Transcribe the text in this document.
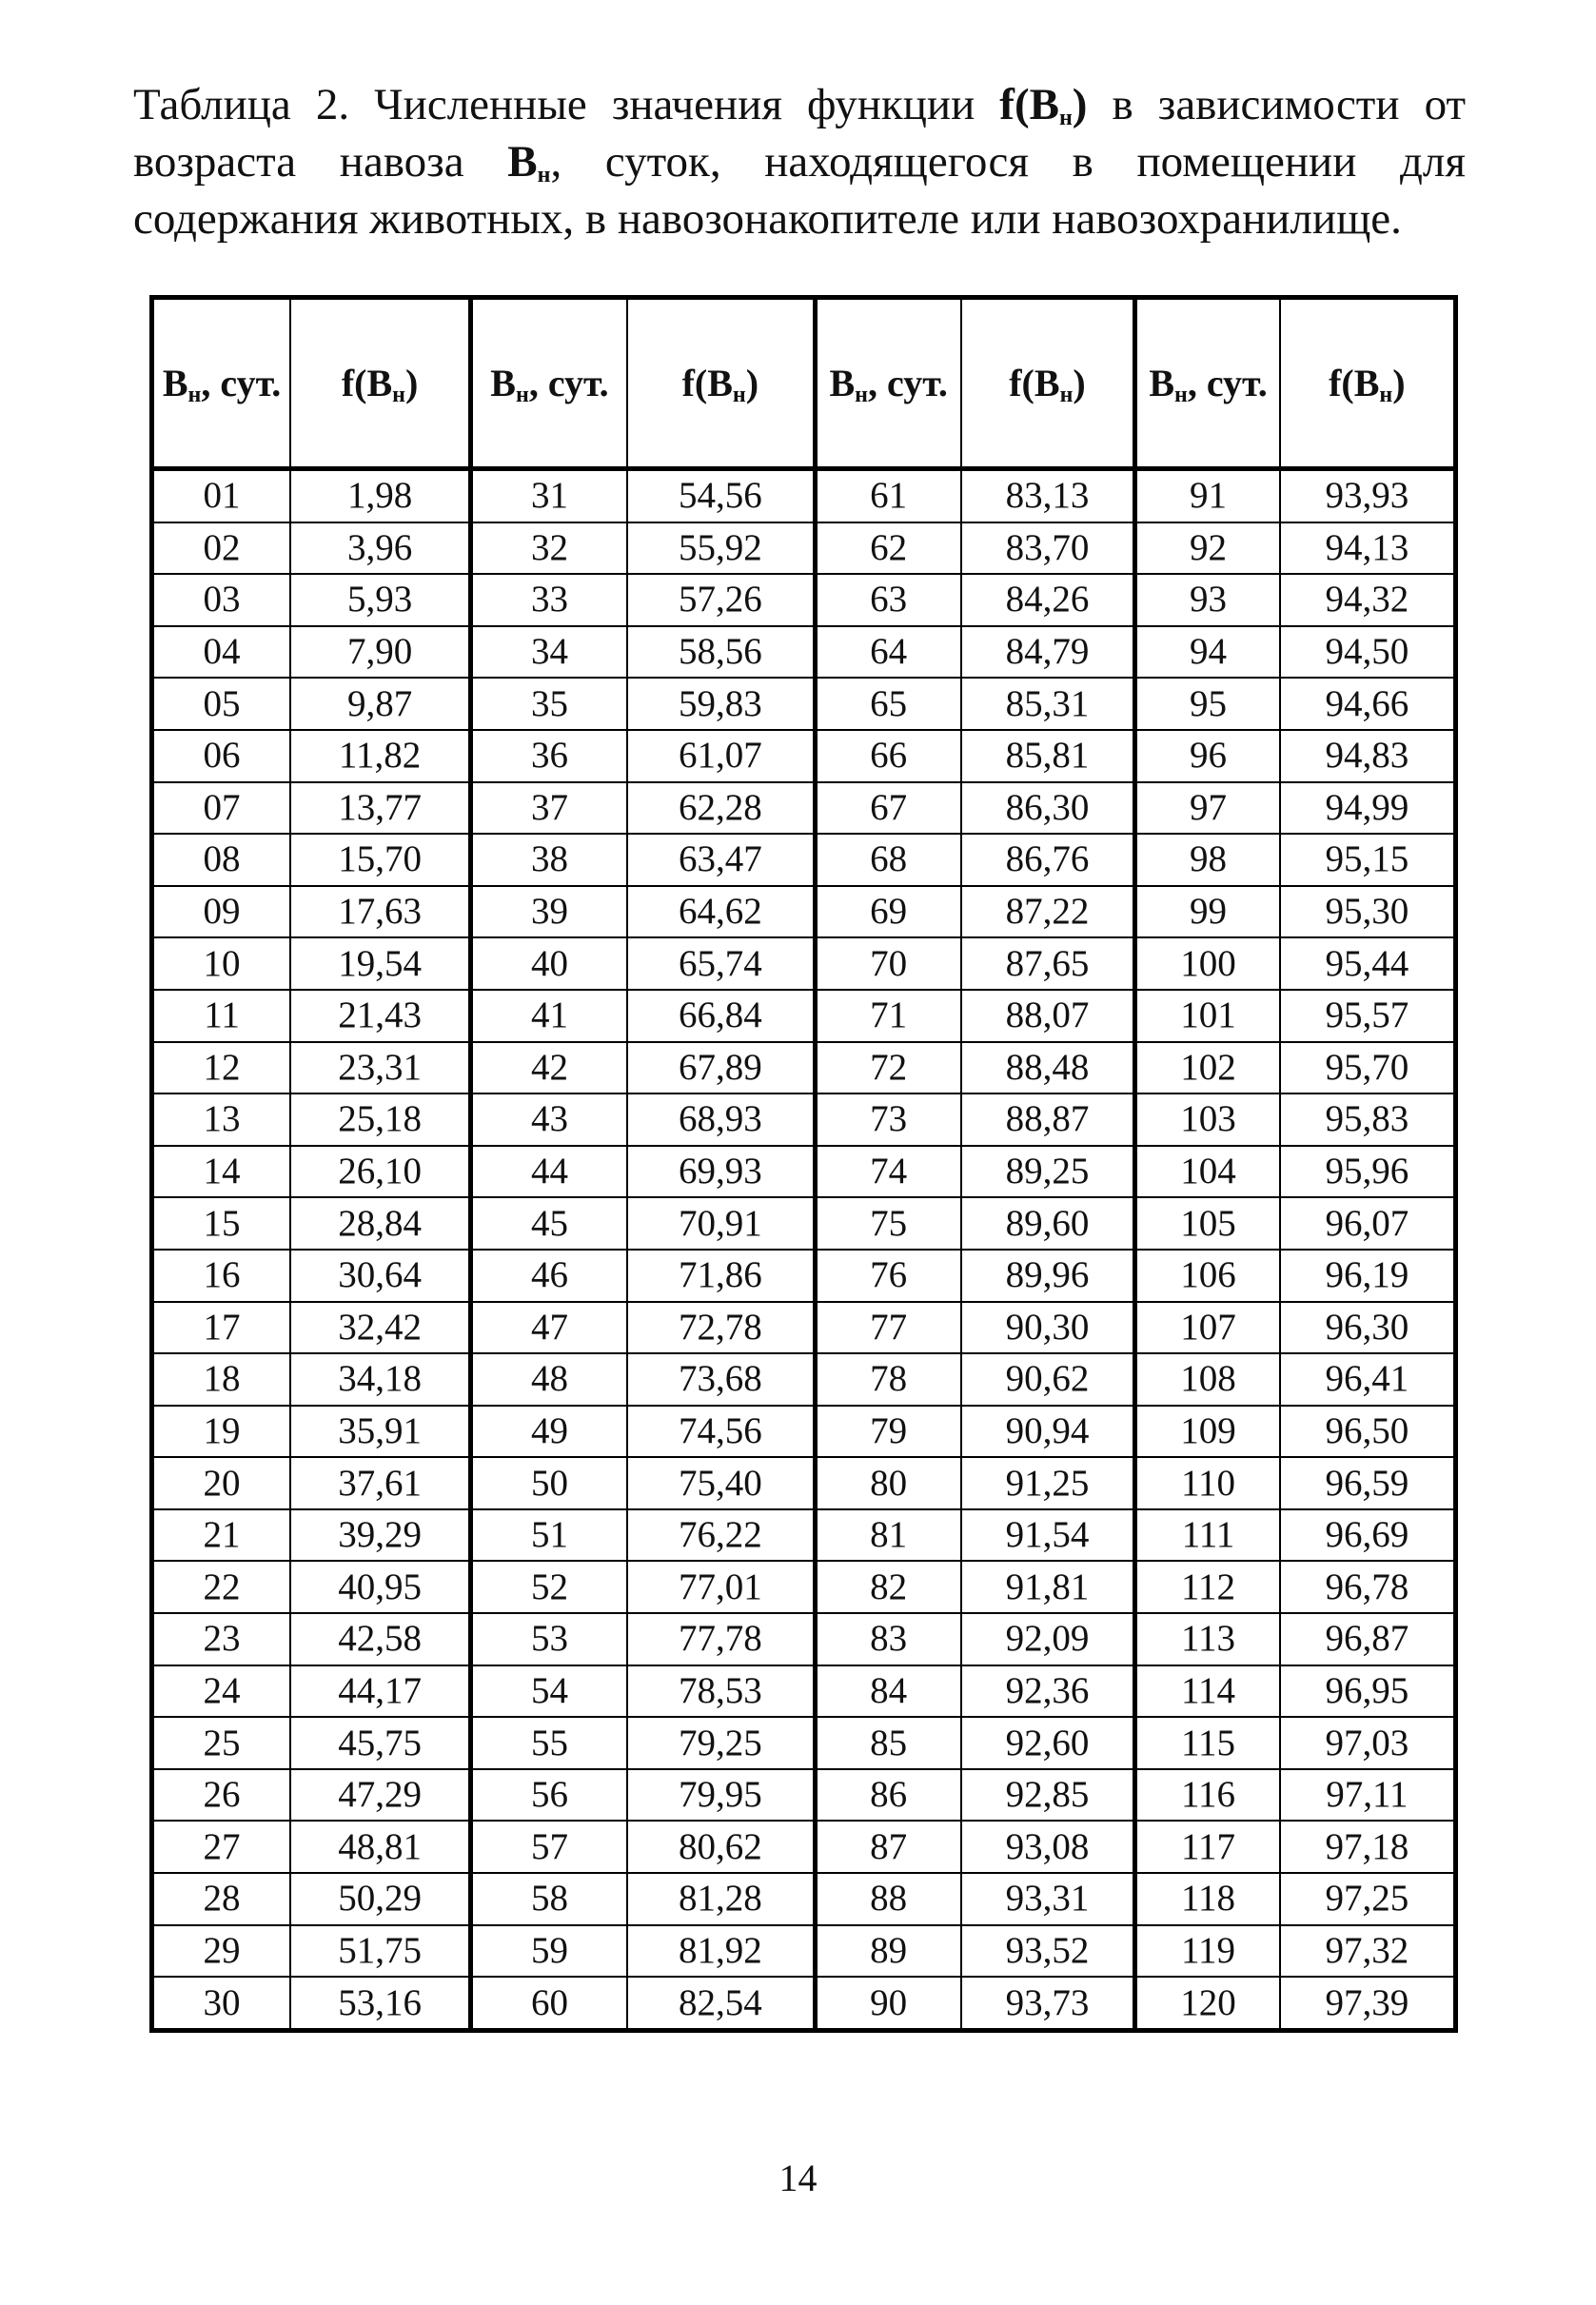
Таблица 2. Численные значения функции $f(B_н)$ в зависимости от возраста навоза $B_н$, суток, находящегося в помещении для содержания животных, в навозонакопителе или навозохранилище.
$B_н$, сут.	$f(B_н)$	$B_н$, сут.	$f(B_н)$	$B_н$, сут.	$f(B_н)$	$B_н$, сут.	$f(B_н)$
01	1,98	31	54,56	61	83,13	91	93,93
02	3,96	32	55,92	62	83,70	92	94,13
03	5,93	33	57,26	63	84,26	93	94,32
04	7,90	34	58,56	64	84,79	94	94,50
05	9,87	35	59,83	65	85,31	95	94,66
06	11,82	36	61,07	66	85,81	96	94,83
07	13,77	37	62,28	67	86,30	97	94,99
08	15,70	38	63,47	68	86,76	98	95,15
09	17,63	39	64,62	69	87,22	99	95,30
10	19,54	40	65,74	70	87,65	100	95,44
11	21,43	41	66,84	71	88,07	101	95,57
12	23,31	42	67,89	72	88,48	102	95,70
13	25,18	43	68,93	73	88,87	103	95,83
14	26,10	44	69,93	74	89,25	104	95,96
15	28,84	45	70,91	75	89,60	105	96,07
16	30,64	46	71,86	76	89,96	106	96,19
17	32,42	47	72,78	77	90,30	107	96,30
18	34,18	48	73,68	78	90,62	108	96,41
19	35,91	49	74,56	79	90,94	109	96,50
20	37,61	50	75,40	80	91,25	110	96,59
21	39,29	51	76,22	81	91,54	111	96,69
22	40,95	52	77,01	82	91,81	112	96,78
23	42,58	53	77,78	83	92,09	113	96,87
24	44,17	54	78,53	84	92,36	114	96,95
25	45,75	55	79,25	85	92,60	115	97,03
26	47,29	56	79,95	86	92,85	116	97,11
27	48,81	57	80,62	87	93,08	117	97,18
28	50,29	58	81,28	88	93,31	118	97,25
29	51,75	59	81,92	89	93,52	119	97,32
30	53,16	60	82,54	90	93,73	120	97,39
14
